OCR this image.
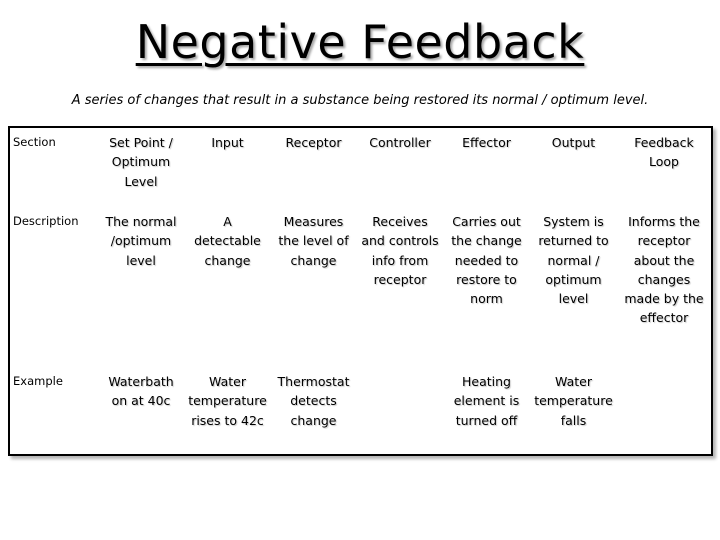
Negative Feedback
A series of changes that result in a substance being restored its normal / optimum level.
Section	Set Point / Optimum Level	Input	Receptor	Controller	Effector	Output	Feedback Loop
Description	The normal /optimum level	A detectable change	Measures the level of change	Receives and controls info from receptor	Carries out the change needed to restore to norm	System is returned to normal / optimum level	Informs the receptor about the changes made by the effector
Example	Waterbath on at 40c	Water temperature rises to 42c	Thermostat detects change		Heating element is turned off	Water temperature falls	
